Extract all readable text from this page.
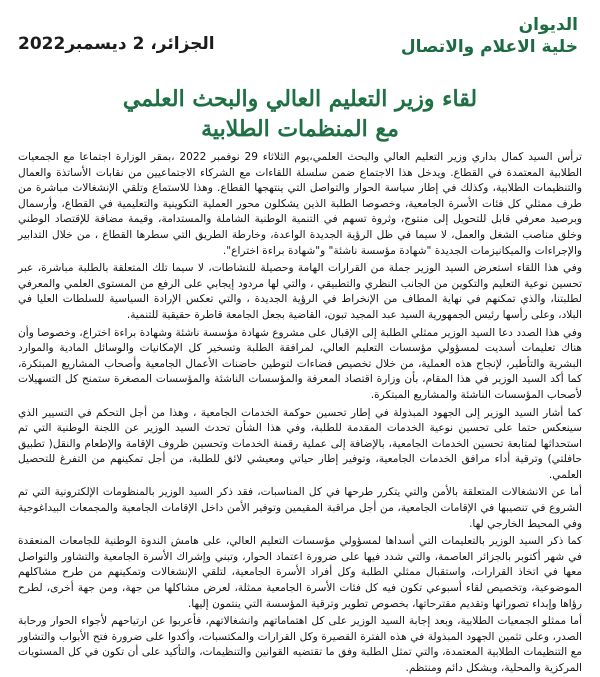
الجزائر، 2 ديسمبر2022
الديوان
خلية الاعلام والاتصال
لقاء وزير التعليم العالي والبحث العلمي
مع المنظمات الطلابية

ترأس السيد كمال بداري وزير التعليم العالي والبحث العلمي،يوم الثلاثاء 29 نوفمبر 2022 ،بمقر الوزارة اجتماعا مع الجمعيات الطلابية المعتمدة في القطاع. ويدخل هذا الاجتماع ضمن سلسلة اللقاءات مع الشركاء الاجتماعيين من نقابات الأساتذة والعمال والتنظيمات الطلابية، وكذلك في إطار سياسة الحوار والتواصل التي ينتهجها القطاع. وهذا للاستماع وتلقي الإنشغالات مباشرة من طرف ممثلي كل فئات الأسرة الجامعية، وخصوصا الطلبة الذين يشكلون محور العملية التكوينية والتعليمية في القطاع، وأرسمال وبرصيد معرفي قابل للتحويل إلى منتوج، وثروة تسهم في التنمية الوطنية الشاملة والمستدامة، وقيمة مضافة للإقتصاد الوطني وخلق مناصب الشغل والعمل، لا سيما في ظل الرؤية الجديدة الواعدة، وخارطة الطريق التي سطرها القطاع ، من خلال التدابير والإجراءات والميكانيزمات الجديدة "شهادة مؤسسة ناشئة" و"شهادة براءة اختراع".

وفي هذا اللقاء استعرض السيد الوزير جملة من القرارات الهامة وحصيلة للنشاطات، لا سيما تلك المتعلقة بالطلبة مباشرة، عبر تحسين نوعية التعليم والتكوين من الجانب النظري والتطبيقي ، والتي لها مردود إيجابي على الرفع من المستوى العلمي والمعرفي لطلبتنا، والذي تمكنهم في نهاية المطاف من الإنخراط في الرؤية الجديدة ، والتي تعكس الإرادة السياسية للسلطات العليا في البلاد، وعلى رأسها رئيس الجمهورية السيد عبد المجيد تبون، القاضية بجعل الجامعة قاطرة حقيقية للتنمية.

وفي هذا الصدد دعا السيد الوزير ممثلي الطلبة إلى الإقبال على مشروع شهادة مؤسسة ناشئة وشهادة براءة اختراع، وخصوصا وأن هناك تعليمات أسديت لمسؤولي مؤسسات التعليم العالي، لمرافقة الطلبة وتسخير كل الإمكانيات والوسائل المادية والموارد البشرية والتأطير، لإنجاح هذه العملية، من خلال تخصيص فضاءات لتوطين حاضنات الأعمال الجامعية وأصحاب المشاريع المبتكرة، كما أكد السيد الوزير في هذا المقام، بأن وزارة اقتصاد المعرفة والمؤسسات الناشئة والمؤسسات المصغرة ستمنح كل التسهيلات لأصحاب المؤسسات الناشئة والمشاريع المبتكرة.

كما أشار السيد الوزير إلى الجهود المبذولة في إطار تحسين حوكمة الخدمات الجامعية ، وهذا من أجل التحكم في التسيير الذي سينعكس حتما على تحسين نوعية الخدمات المقدمة للطلبة، وفي هذا الشأن تحدث السيد الوزير عن اللجنة الوطنية التي تم استحداثها لمتابعة تحسين الخدمات الجامعية، بالإضافة إلى عملية رقمنة الخدمات وتحسين ظروف الإقامة والإطعام والنقل( تطبيق حافلتي) وترقية أداء مرافق الخدمات الجامعية، وتوفير إطار حياتي ومعيشي لائق للطلبة، من أجل تمكينهم من التفرغ للتحصيل العلمي.

أما عن الانشغالات المتعلقة بالأمن والتي يتكرر طرحها في كل المناسبات، فقد ذكر السيد الوزير بالمنظومات الإلكترونية التي تم الشروع في تنصيبها في الإقامات الجامعية، من أجل مراقبة المقيمين وتوفير الأمن داخل الإقامات الجامعية والمجمعات البيداغوجية وفي المحيط الخارجي لها.

كما ذكر السيد الوزير بالتعليمات التي أسداها لمسؤولي مؤسسات التعليم العالي، على هامش الندوة الوطنية للجامعات المنعقدة في شهر أكتوبر بالجزائر العاصمة، والتي شدد فيها على ضرورة اعتماد الحوار، وتبني وإشراك الأسرة الجامعية والتشاور والتواصل معها في اتخاذ القرارات، واستقبال ممثلي الطلبة وكل أفراد الأسرة الجامعية، لتلقي الإنشغالات وتمكينهم من طرح مشاكلهم الموضوعية، وتخصيص لقاء أسبوعي تكون فيه كل فئات الأسرة الجامعية ممثلة، لعرض مشاكلها من جهة، ومن جهة أخرى، لطرح رؤاها وإبداء تصوراتها وتقديم مقترحاتها، بخصوص تطوير وترقية المؤسسة التي ينتمون إليها.

أما ممثلو الجمعيات الطلابية، وبعد إجابة السيد الوزير على كل اهتماماتهم وانشغالاتهم، فأعربوا عن ارتياحهم لأجواء الحوار ورحابة الصدر، وعلى تثمين الجهود المبذولة في هذه الفترة القصيرة وكل القرارات والمكتسبات، وأكدوا على ضرورة فتح الأبواب والتشاور مع التنظيمات الطلابية المعتمدة، والتي تمثل الطلبة وفق ما تقتضيه القوانين والتنظيمات، والتأكيد على أن تكون في كل المستويات المركزية والمحلية، وبشكل دائم ومنتظم.
